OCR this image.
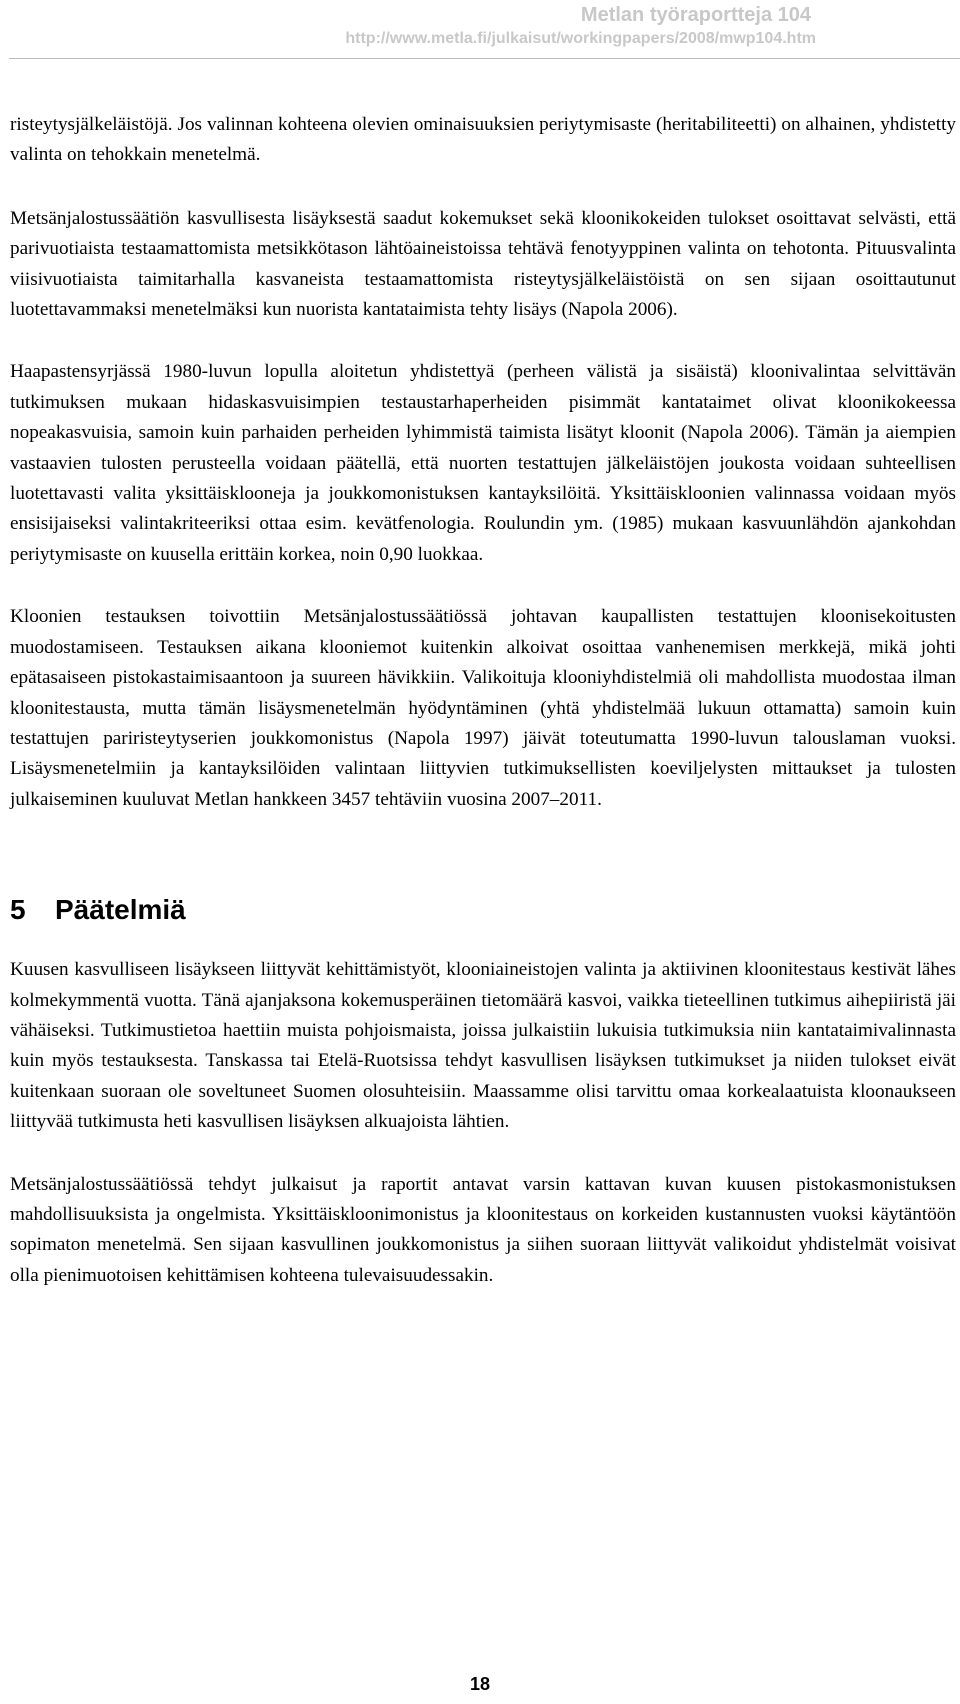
Metlan työraportteja 104
http://www.metla.fi/julkaisut/workingpapers/2008/mwp104.htm

risteytysjälkeläistöjä. Jos valinnan kohteena olevien ominaisuuksien periytymisaste (heritabiliteetti) on alhainen, yhdistetty valinta on tehokkain menetelmä.

Metsänjalostussäätiön kasvullisesta lisäyksestä saadut kokemukset sekä kloonikokeiden tulokset osoittavat selvästi, että parivuotiaista testaamattomista metsikkötason lähtöaineistoissa tehtävä fenotyyppinen valinta on tehotonta. Pituusvalinta viisivuotiaista taimitarhalla kasvaneista testaamattomista risteytysjälkeläistöistä on sen sijaan osoittautunut luotettavammaksi menetelmäksi kun nuorista kantataimista tehty lisäys (Napola 2006).

Haapastensyrjässä 1980-luvun lopulla aloitetun yhdistettyä (perheen välistä ja sisäistä) kloonivalintaa selvittävän tutkimuksen mukaan hidaskasvuisimpien testaustarhaperheiden pisimmät kantataimet olivat kloonikokeessa nopeakasvuisia, samoin kuin parhaiden perheiden lyhimmistä taimista lisätyt kloonit (Napola 2006). Tämän ja aiempien vastaavien tulosten perusteella voidaan päätellä, että nuorten testattujen jälkeläistöjen joukosta voidaan suhteellisen luotettavasti valita yksittäisklooneja ja joukkomonistuksen kantayksilöitä. Yksittäiskloonien valinnassa voidaan myös ensisijaiseksi valintakriteeriksi ottaa esim. kevätfenologia. Roulundin ym. (1985) mukaan kasvuunlähdön ajankohdan periytymisaste on kuusella erittäin korkea, noin 0,90 luokkaa.

Kloonien testauksen toivottiin Metsänjalostussäätiössä johtavan kaupallisten testattujen kloonisekoitusten muodostamiseen. Testauksen aikana klooniemot kuitenkin alkoivat osoittaa vanhenemisen merkkejä, mikä johti epätasaiseen pistokastaimisaantoon ja suureen hävikkiin. Valikoituja klooniyhdistelmiä oli mahdollista muodostaa ilman kloonitestausta, mutta tämän lisäysmenetelmän hyödyntäminen (yhtä yhdistelmää lukuun ottamatta) samoin kuin testattujen pariristeytyserien joukkomonistus (Napola 1997) jäivät toteutumatta 1990-luvun talouslaman vuoksi. Lisäysmenetelmiin ja kantayksilöiden valintaan liittyvien tutkimuksellisten koeviljelysten mittaukset ja tulosten julkaiseminen kuuluvat Metlan hankkeen 3457 tehtäviin vuosina 2007–2011.

5 Päätelmiä

Kuusen kasvulliseen lisäykseen liittyvät kehittämistyöt, klooniaineistojen valinta ja aktiivinen kloonitestaus kestivät lähes kolmekymmentä vuotta. Tänä ajanjaksona kokemusperäinen tietomäärä kasvoi, vaikka tieteellinen tutkimus aihepiiristä jäi vähäiseksi. Tutkimustietoa haettiin muista pohjoismaista, joissa julkaistiin lukuisia tutkimuksia niin kantataimivalinnasta kuin myös testauksesta. Tanskassa tai Etelä-Ruotsissa tehdyt kasvullisen lisäyksen tutkimukset ja niiden tulokset eivät kuitenkaan suoraan ole soveltuneet Suomen olosuhteisiin. Maassamme olisi tarvittu omaa korkealaatuista kloonaukseen liittyvää tutkimusta heti kasvullisen lisäyksen alkuajoista lähtien.

Metsänjalostussäätiössä tehdyt julkaisut ja raportit antavat varsin kattavan kuvan kuusen pistokasmonistuksen mahdollisuuksista ja ongelmista. Yksittäiskloonimonistus ja kloonitestaus on korkeiden kustannusten vuoksi käytäntöön sopimaton menetelmä. Sen sijaan kasvullinen joukkomonistus ja siihen suoraan liittyvät valikoidut yhdistelmät voisivat olla pienimuotoisen kehittämisen kohteena tulevaisuudessakin.

18
